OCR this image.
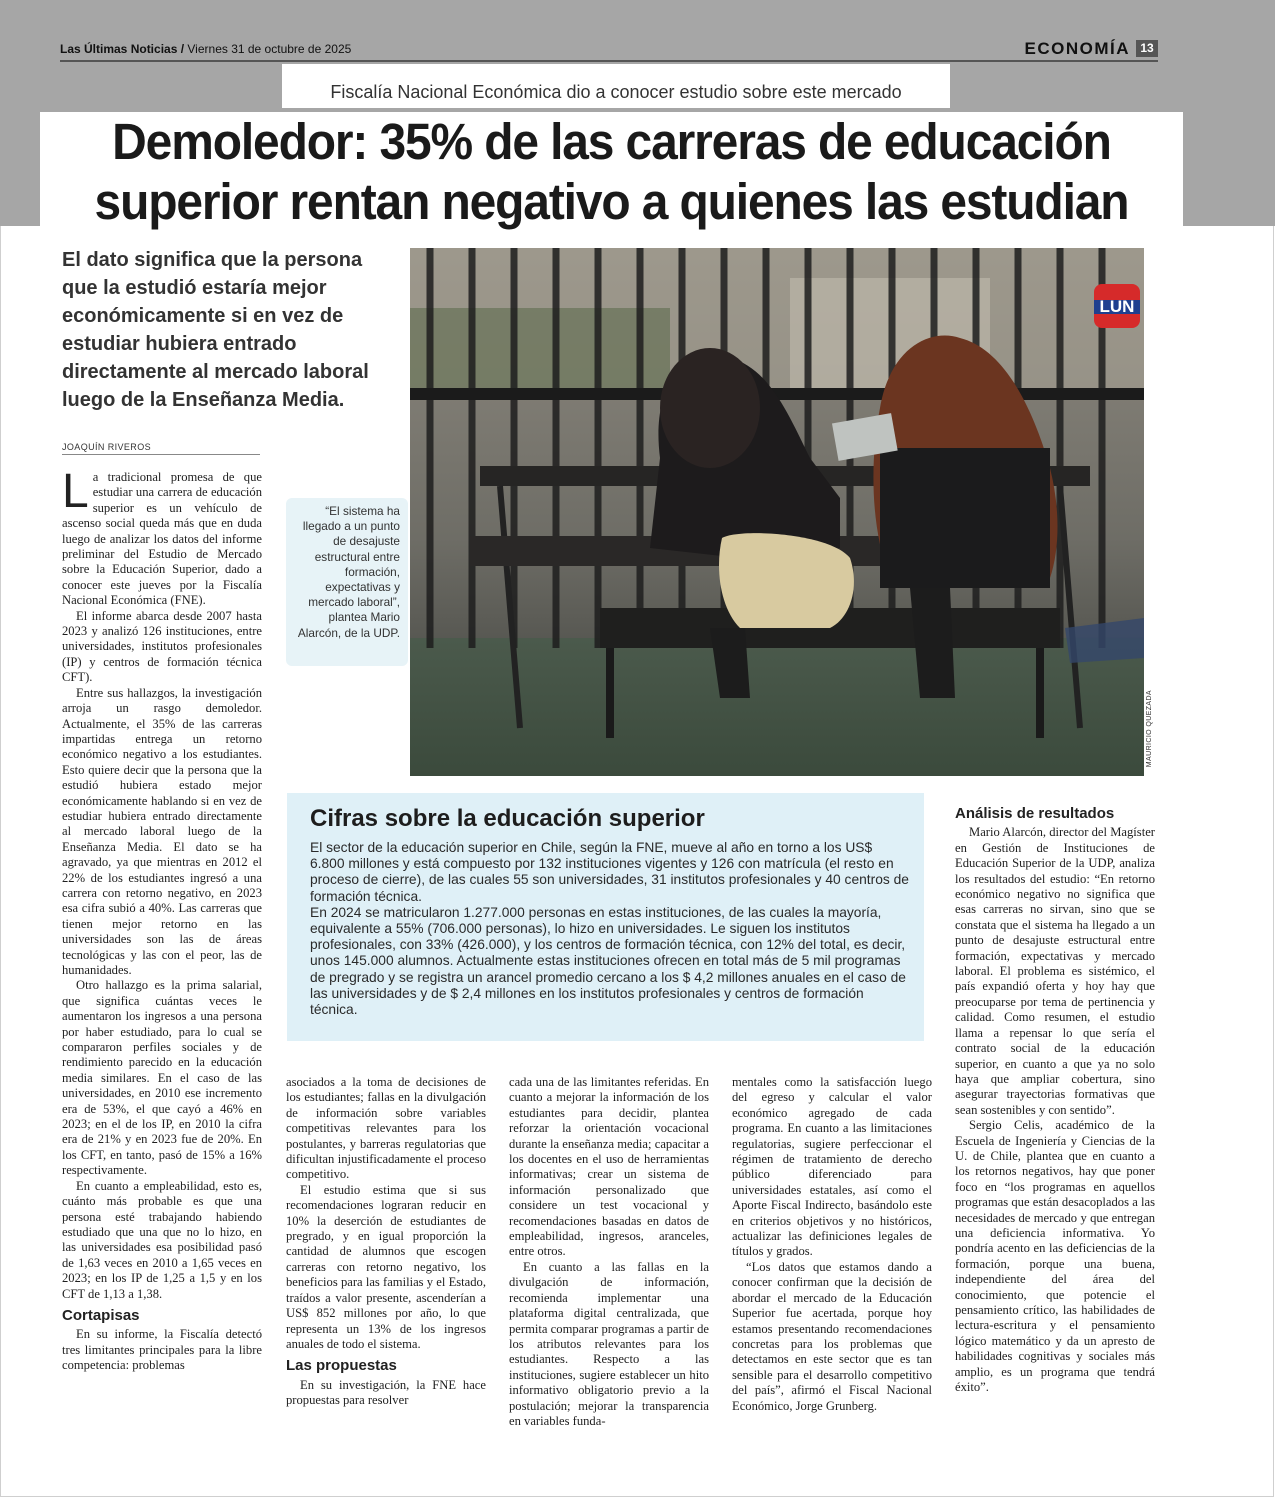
Las Últimas Noticias / Viernes 31 de octubre de 2025	ECONOMÍA 13
Fiscalía Nacional Económica dio a conocer estudio sobre este mercado
Demoledor: 35% de las carreras de educación
superior rentan negativo a quienes las estudian
El dato significa que la persona que la estudió estaría mejor económicamente si en vez de estudiar hubiera entrado directamente al mercado laboral luego de la Enseñanza Media.
JOAQUÍN RIVEROS

La tradicional promesa de que estudiar una carrera de educación superior es un vehículo de ascenso social queda más que en duda luego de analizar los datos del informe preliminar del Estudio de Mercado sobre la Educación Superior, dado a conocer este jueves por la Fiscalía Nacional Económica (FNE).

El informe abarca desde 2007 hasta 2023 y analizó 126 instituciones, entre universidades, institutos profesionales (IP) y centros de formación técnica CFT).

Entre sus hallazgos, la investigación arroja un rasgo demoledor. Actualmente, el 35% de las carreras impartidas entrega un retorno económico negativo a los estudiantes. Esto quiere decir que la persona que la estudió hubiera estado mejor económicamente hablando si en vez de estudiar hubiera entrado directamente al mercado laboral luego de la Enseñanza Media. El dato se ha agravado, ya que mientras en 2012 el 22% de los estudiantes ingresó a una carrera con retorno negativo, en 2023 esa cifra subió a 40%. Las carreras que tienen mejor retorno en las universidades son las de áreas tecnológicas y las con el peor, las de humanidades.

Otro hallazgo es la prima salarial, que significa cuántas veces le aumentaron los ingresos a una persona por haber estudiado, para lo cual se compararon perfiles sociales y de rendimiento parecido en la educación media similares. En el caso de las universidades, en 2010 ese incremento era de 53%, el que cayó a 46% en 2023; en el de los IP, en 2010 la cifra era de 21% y en 2023 fue de 20%. En los CFT, en tanto, pasó de 15% a 16% respectivamente.

En cuanto a empleabilidad, esto es, cuánto más probable es que una persona esté trabajando habiendo estudiado que una que no lo hizo, en las universidades esa posibilidad pasó de 1,63 veces en 2010 a 1,65 veces en 2023; en los IP de 1,25 a 1,5 y en los CFT de 1,13 a 1,38.

Cortapisas

En su informe, la Fiscalía detectó tres limitantes principales para la libre competencia: problemas

LUN
MAURICIO QUEZADA
“El sistema ha llegado a un punto de desajuste estructural entre formación, expectativas y mercado laboral”, plantea Mario Alarcón, de la UDP.
Cifras sobre la educación superior

El sector de la educación superior en Chile, según la FNE, mueve al año en torno a los US$ 6.800 millones y está compuesto por 132 instituciones vigentes y 126 con matrícula (el resto en proceso de cierre), de las cuales 55 son universidades, 31 institutos profesionales y 40 centros de formación técnica.

En 2024 se matricularon 1.277.000 personas en estas instituciones, de las cuales la mayoría, equivalente a 55% (706.000 personas), lo hizo en universidades. Le siguen los institutos profesionales, con 33% (426.000), y los centros de formación técnica, con 12% del total, es decir, unos 145.000 alumnos. Actualmente estas instituciones ofrecen en total más de 5 mil programas de pregrado y se registra un arancel promedio cercano a los $ 4,2 millones anuales en el caso de las universidades y de $ 2,4 millones en los institutos profesionales y centros de formación técnica.

asociados a la toma de decisiones de los estudiantes; fallas en la divulgación de información sobre variables competitivas relevantes para los postulantes, y barreras regulatorias que dificultan injustificadamente el proceso competitivo.

El estudio estima que si sus recomendaciones lograran reducir en 10% la deserción de estudiantes de pregrado, y en igual proporción la cantidad de alumnos que escogen carreras con retorno negativo, los beneficios para las familias y el Estado, traídos a valor presente, ascenderían a US$ 852 millones por año, lo que representa un 13% de los ingresos anuales de todo el sistema.

Las propuestas

En su investigación, la FNE hace propuestas para resolver

cada una de las limitantes referidas. En cuanto a mejorar la información de los estudiantes para decidir, plantea reforzar la orientación vocacional durante la enseñanza media; capacitar a los docentes en el uso de herramientas informativas; crear un sistema de información personalizado que considere un test vocacional y recomendaciones basadas en datos de empleabilidad, ingresos, aranceles, entre otros.

En cuanto a las fallas en la divulgación de información, recomienda implementar una plataforma digital centralizada, que permita comparar programas a partir de los atributos relevantes para los estudiantes. Respecto a las instituciones, sugiere establecer un hito informativo obligatorio previo a la postulación; mejorar la transparencia en variables funda-

mentales como la satisfacción luego del egreso y calcular el valor económico agregado de cada programa. En cuanto a las limitaciones regulatorias, sugiere perfeccionar el régimen de tratamiento de derecho público diferenciado para universidades estatales, así como el Aporte Fiscal Indirecto, basándolo este en criterios objetivos y no históricos, actualizar las definiciones legales de títulos y grados.

“Los datos que estamos dando a conocer confirman que la decisión de abordar el mercado de la Educación Superior fue acertada, porque hoy estamos presentando recomendaciones concretas para los problemas que detectamos en este sector que es tan sensible para el desarrollo competitivo del país”, afirmó el Fiscal Nacional Económico, Jorge Grunberg.

Análisis de resultados

Mario Alarcón, director del Magíster en Gestión de Instituciones de Educación Superior de la UDP, analiza los resultados del estudio: “En retorno económico negativo no significa que esas carreras no sirvan, sino que se constata que el sistema ha llegado a un punto de desajuste estructural entre formación, expectativas y mercado laboral. El problema es sistémico, el país expandió oferta y hoy hay que preocuparse por tema de pertinencia y calidad. Como resumen, el estudio llama a repensar lo que sería el contrato social de la educación superior, en cuanto a que ya no solo haya que ampliar cobertura, sino asegurar trayectorias formativas que sean sostenibles y con sentido”.

Sergio Celis, académico de la Escuela de Ingeniería y Ciencias de la U. de Chile, plantea que en cuanto a los retornos negativos, hay que poner foco en “los programas en aquellos programas que están desacoplados a las necesidades de mercado y que entregan una deficiencia informativa. Yo pondría acento en las deficiencias de la formación, porque una buena, independiente del área del conocimiento, que potencie el pensamiento crítico, las habilidades de lectura-escritura y el pensamiento lógico matemático y da un apresto de habilidades cognitivas y sociales más amplio, es un programa que tendrá éxito”.
